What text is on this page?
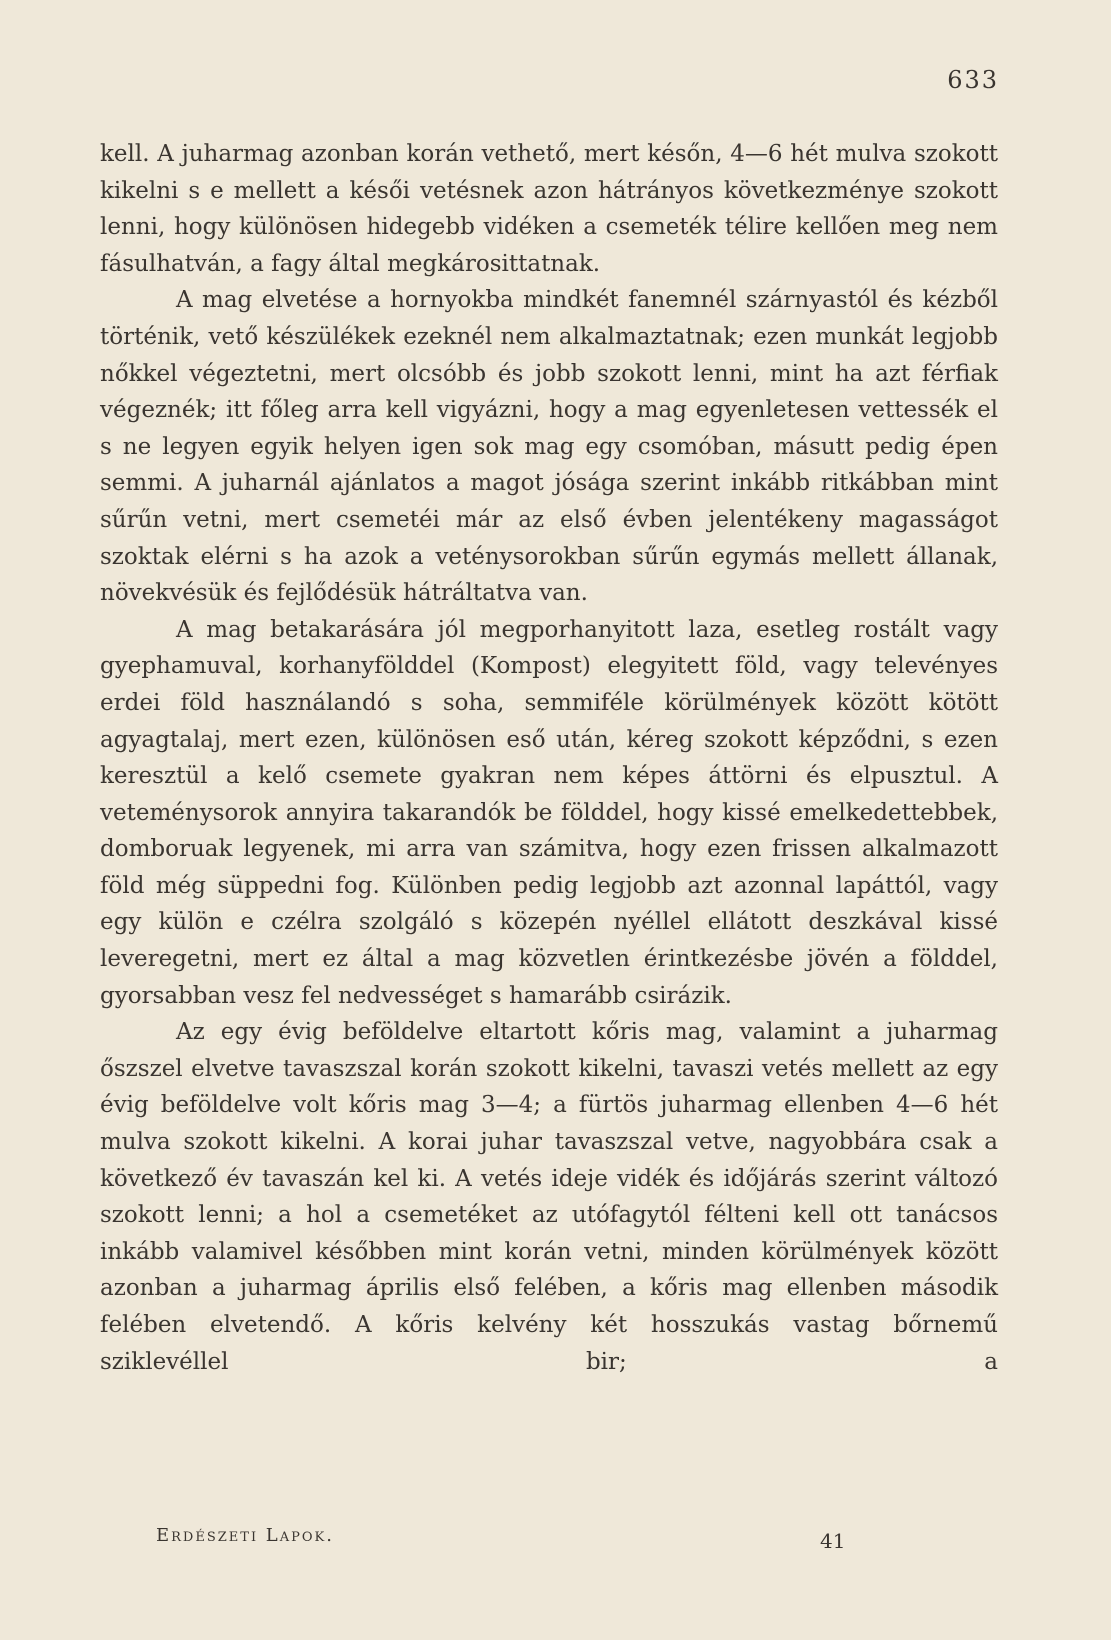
633

kell. A juharmag azonban korán vethető, mert későn, 4—6 hét mulva szokott kikelni s e mellett a késői vetésnek azon hátrányos következménye szokott lenni, hogy különösen hidegebb vidéken a csemeték télire kellően meg nem fásulhatván, a fagy által megkárosittatnak.

A mag elvetése a hornyokba mindkét fanemnél szárnyastól és kézből történik, vető készülékek ezeknél nem alkalmaztatnak; ezen munkát legjobb nőkkel végeztetni, mert olcsóbb és jobb szokott lenni, mint ha azt férfiak végeznék; itt főleg arra kell vigyázni, hogy a mag egyenletesen vettessék el s ne legyen egyik helyen igen sok mag egy csomóban, másutt pedig épen semmi. A juharnál ajánlatos a magot jósága szerint inkább ritkábban mint sűrűn vetni, mert csemetéi már az első évben jelentékeny magasságot szoktak elérni s ha azok a veténysorokban sűrűn egymás mellett állanak, növekvésük és fejlődésük hátráltatva van.

A mag betakarására jól megporhanyitott laza, esetleg rostált vagy gyephamuval, korhanyfölddel (Kompost) elegyitett föld, vagy televényes erdei föld használandó s soha, semmiféle körülmények között kötött agyagtalaj, mert ezen, különösen eső után, kéreg szokott képződni, s ezen keresztül a kelő csemete gyakran nem képes áttörni és elpusztul. A veteménysorok annyira takarandók be földdel, hogy kissé emelkedettebbek, domboruak legyenek, mi arra van számitva, hogy ezen frissen alkalmazott föld még süppedni fog. Különben pedig legjobb azt azonnal lapáttól, vagy egy külön e czélra szolgáló s közepén nyéllel ellátott deszkával kissé leveregetni, mert ez által a mag közvetlen érintkezésbe jövén a földdel, gyorsabban vesz fel nedvességet s hamarább csirázik.

Az egy évig beföldelve eltartott kőris mag, valamint a juharmag őszszel elvetve tavaszszal korán szokott kikelni, tavaszi vetés mellett az egy évig beföldelve volt kőris mag 3—4; a fürtös juharmag ellenben 4—6 hét mulva szokott kikelni. A korai juhar tavaszszal vetve, nagyobbára csak a következő év tavaszán kel ki. A vetés ideje vidék és időjárás szerint változó szokott lenni; a hol a csemetéket az utófagytól félteni kell ott tanácsos inkább valamivel későbben mint korán vetni, minden körülmények között azonban a juharmag április első felében, a kőris mag ellenben második felében elvetendő. A kőris kelvény két hosszukás vastag bőrnemű sziklevéllel bir; a

Erdészeti Lapok.	41
